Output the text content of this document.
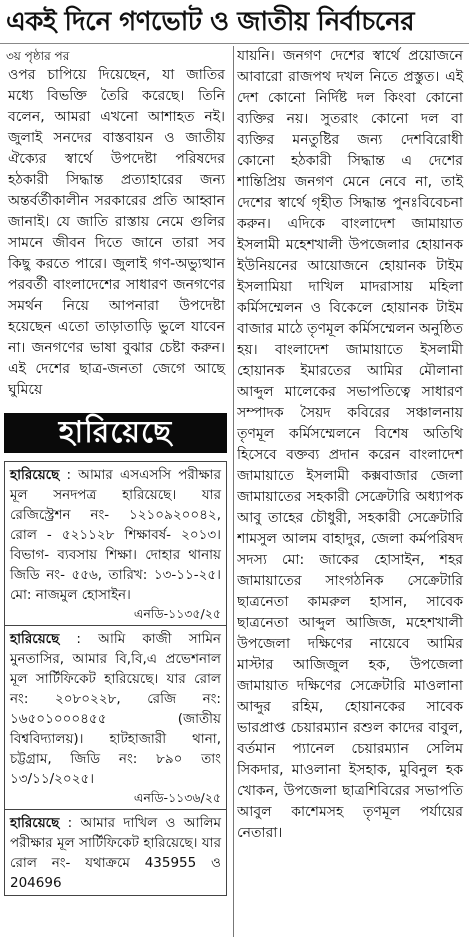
একই দিনে গণভোট ও জাতীয় নির্বাচনের
৩য় পৃষ্ঠার পর
ওপর চাপিয়ে দিয়েছেন, যা জাতির মধ্যে বিভক্তি তৈরি করেছে। তিনি বলেন, আমরা এখনো আশাহত নই। জুলাই সনদের বাস্তবায়ন ও জাতীয় ঐক্যের স্বার্থে উপদেষ্টা পরিষদের হঠকারী সিদ্ধান্ত প্রত্যাহারের জন্য অন্তর্বর্তীকালীন সরকারের প্রতি আহ্বান জানাই। যে জাতি রাস্তায় নেমে গুলির সামনে জীবন দিতে জানে তারা সব কিছু করতে পারে। জুলাই গণ-অভ্যুত্থান পরবর্তী বাংলাদেশের সাধারণ জনগণের সমর্থন নিয়ে আপনারা উপদেষ্টা হয়েছেন এতো তাড়াতাড়ি ভুলে যাবেন না। জনগণের ভাষা বুঝার চেষ্টা করুন। এই দেশের ছাত্র-জনতা জেগে আছে ঘুমিয়ে
হারিয়েছে

হারিয়েছে : আমার এসএসসি পরীক্ষার মূল সনদপত্র হারিয়েছে। যার রেজিস্ট্রেশন নং- ১২১০৯২০০৪২, রোল - ৫২১১২৮ শিক্ষাবর্ষ- ২০১৩। বিভাগ- ব্যবসায় শিক্ষা। দোহার থানায় জিডি নং- ৫৫৬, তারিখ: ১৩-১১-২৫। মো: নাজমুল হোসাইন।

এনডি-১১৩৫/২৫

হারিয়েছে : আমি কাজী সামিন মুনতাসির, আমার বি,বি,এ প্রভেশনাল মূল সার্টিফিকেট হারিয়েছে। যার রোল নং: ২০৮০২২৮, রেজি নং: ১৬৫০১০০০৪৫৫ (জাতীয় বিশ্ববিদ্যালয়)। হাটহাজারী থানা, চট্টগ্রাম, জিডি নং: ৮৯০ তাং ১৩/১১/২০২৫।

এনডি-১১৩৬/২৫

হারিয়েছে : আমার দাখিল ও আলিম পরীক্ষার মূল সার্টিফিকেট হারিয়েছে। যার রোল নং- যথাক্রমে 435955 ও 204696

যায়নি। জনগণ দেশের স্বার্থে প্রয়োজনে আবারো রাজপথ দখল নিতে প্রস্তুত। এই দেশ কোনো নির্দিষ্ট দল কিংবা কোনো ব্যক্তির নয়। সুতরাং কোনো দল বা ব্যক্তির মনতুষ্টির জন্য দেশবিরোধী কোনো হঠকারী সিদ্ধান্ত এ দেশের শান্তিপ্রিয় জনগণ মেনে নেবে না, তাই দেশের স্বার্থে গৃহীত সিদ্ধান্ত পুনঃবিবেচনা করুন। এদিকে বাংলাদেশ জামায়াত ইসলামী মহেশখালী উপজেলার হোয়ানক ইউনিয়নের আয়োজনে হোয়ানক টাইম ইসলামিয়া দাখিল মাদরাসায় মহিলা কর্মিসম্মেলন ও বিকেলে হোয়ানক টাইম বাজার মাঠে তৃণমূল কর্মিসম্মেলন অনুষ্ঠিত হয়। বাংলাদেশ জামায়াতে ইসলামী হোয়ানক ইমারতের আমির মৌলানা আব্দুল মালেকের সভাপতিত্বে সাধারণ সম্পাদক সৈয়দ কবিরের সঞ্চালনায় তৃণমূল কর্মিসম্মেলনে বিশেষ অতিথি হিসেবে বক্তব্য প্রদান করেন বাংলাদেশ জামায়াতে ইসলামী কক্সবাজার জেলা জামায়াতের সহকারী সেক্রেটারি অধ্যাপক আবু তাহের চৌধুরী, সহকারী সেক্রেটারি শামসুল আলম বাহাদুর, জেলা কর্মপরিষদ সদস্য মো: জাকের হোসাইন, শহর জামায়াতের সাংগঠনিক সেক্রেটারি ছাত্রনেতা কামরুল হাসান, সাবেক ছাত্রনেতা আব্দুল আজিজ, মহেশখালী উপজেলা দক্ষিণের নায়েবে আমির মাস্টার আজিজুল হক, উপজেলা জামায়াত দক্ষিণের সেক্রেটারি মাওলানা আব্দুর রহিম, হোয়ানকের সাবেক ভারপ্রাপ্ত চেয়ারম্যান রশুল কাদের বাবুল, বর্তমান প্যানেল চেয়ারম্যান সেলিম সিকদার, মাওলানা ইসহাক, মুবিনুল হক খোকন, উপজেলা ছাত্রশিবিরের সভাপতি আবুল কাশেমসহ তৃণমূল পর্যায়ের নেতারা।
